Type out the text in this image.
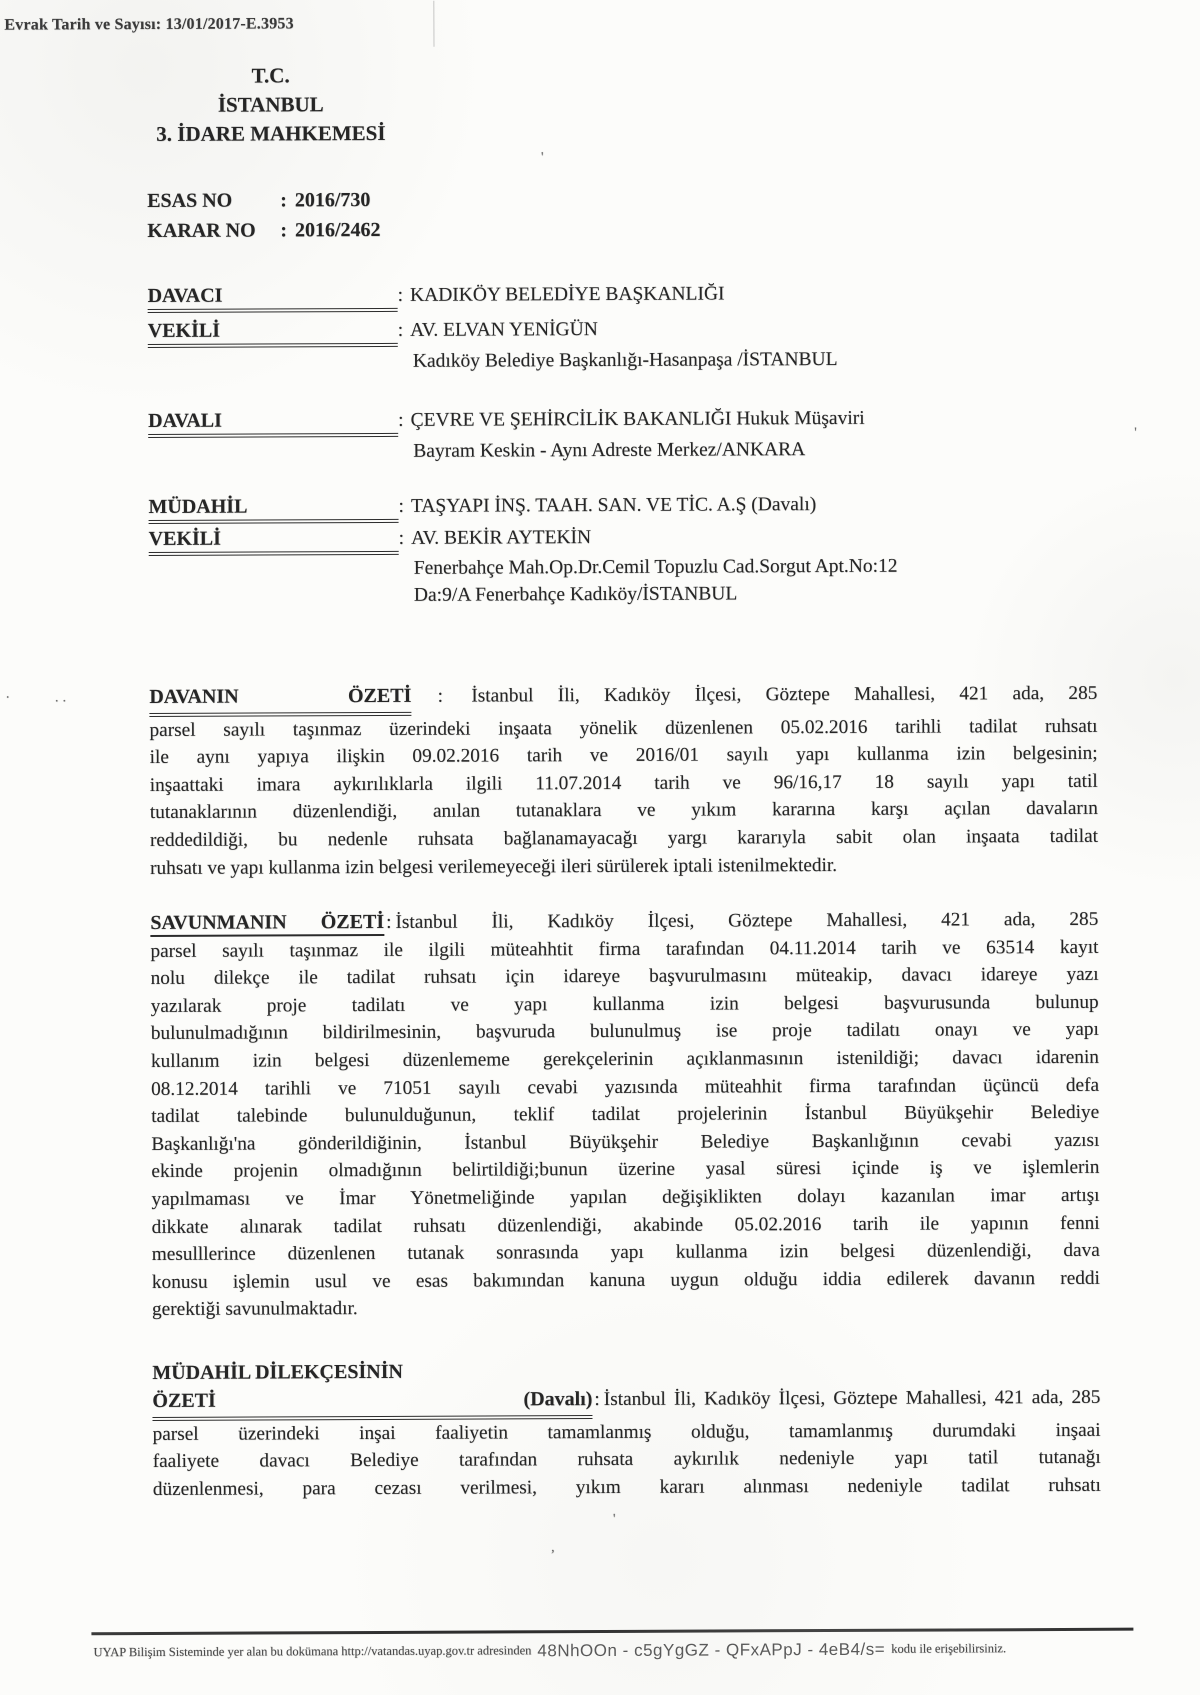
Evrak Tarih ve Sayısı: 13/01/2017-E.3953
T.C.
İSTANBUL
3. İDARE MAHKEMESİ
ESAS NO : 2016/730
KARAR NO : 2016/2462
DAVACI	: KADIKÖY BELEDİYE BAŞKANLIĞI
VEKİLİ	: AV. ELVAN YENİGÜN
Kadıköy Belediye Başkanlığı-Hasanpaşa /İSTANBUL
DAVALI	: ÇEVRE VE ŞEHİRCİLİK BAKANLIĞI Hukuk Müşaviri
Bayram Keskin - Aynı Adreste Merkez/ANKARA
MÜDAHİL	: TAŞYAPI İNŞ. TAAH. SAN. VE TİC. A.Ş (Davalı)
VEKİLİ	: AV. BEKİR AYTEKİN
Fenerbahçe Mah.Op.Dr.Cemil Topuzlu Cad.Sorgut Apt.No:12
Da:9/A Fenerbahçe Kadıköy/İSTANBUL
DAVANIN ÖZETİ : İstanbul İli, Kadıköy İlçesi, Göztepe Mahallesi, 421 ada, 285
parsel sayılı taşınmaz üzerindeki inşaata yönelik düzenlenen 05.02.2016 tarihli tadilat ruhsatı
ile aynı yapıya ilişkin 09.02.2016 tarih ve 2016/01 sayılı yapı kullanma izin belgesinin;
inşaattaki imara aykırılıklarla ilgili 11.07.2014 tarih ve 96/16,17 18 sayılı yapı tatil
tutanaklarının düzenlendiği, anılan tutanaklara ve yıkım kararına karşı açılan davaların
reddedildiği, bu nedenle ruhsata bağlanamayacağı yargı kararıyla sabit olan inşaata tadilat
ruhsatı ve yapı kullanma izin belgesi verilemeyeceği ileri sürülerek iptali istenilmektedir.
SAVUNMANIN ÖZETİ: İstanbul İli, Kadıköy İlçesi, Göztepe Mahallesi, 421 ada, 285
parsel sayılı taşınmaz ile ilgili müteahhtit firma tarafından 04.11.2014 tarih ve 63514 kayıt
nolu dilekçe ile tadilat ruhsatı için idareye başvurulmasını müteakip, davacı idareye yazı
yazılarak proje tadilatı ve yapı kullanma izin belgesi başvurusunda bulunup
bulunulmadığının bildirilmesinin, başvuruda bulunulmuş ise proje tadilatı onayı ve yapı
kullanım izin belgesi düzenlememe gerekçelerinin açıklanmasının istenildiği; davacı idarenin
08.12.2014 tarihli ve 71051 sayılı cevabi yazısında müteahhit firma tarafından üçüncü defa
tadilat talebinde bulunulduğunun, teklif tadilat projelerinin İstanbul Büyükşehir Belediye
Başkanlığı'na gönderildiğinin, İstanbul Büyükşehir Belediye Başkanlığının cevabi yazısı
ekinde projenin olmadığının belirtildiği;bunun üzerine yasal süresi içinde iş ve işlemlerin
yapılmaması ve İmar Yönetmeliğinde yapılan değişiklikten dolayı kazanılan imar artışı
dikkate alınarak tadilat ruhsatı düzenlendiği, akabinde 05.02.2016 tarih ile yapının fenni
mesulllerince düzenlenen tutanak sonrasında yapı kullanma izin belgesi düzenlendiği, dava
konusu işlemin usul ve esas bakımından kanuna uygun olduğu iddia edilerek davanın reddi
gerektiği savunulmaktadır.
MÜDAHİL DİLEKÇESİNİN
ÖZETİ (Davalı): İstanbul İli, Kadıköy İlçesi, Göztepe Mahallesi, 421 ada, 285
parsel üzerindeki inşai faaliyetin tamamlanmış olduğu, tamamlanmış durumdaki inşaai
faaliyete davacı Belediye tarafından ruhsata aykırılık nedeniyle yapı tatil tutanağı
düzenlenmesi, para cezası verilmesi, yıkım kararı alınması nedeniyle tadilat ruhsatı
UYAP Bilişim Sisteminde yer alan bu dokümana http://vatandas.uyap.gov.tr adresinden 48NhOOn - c5gYgGZ - QFxAPpJ - 4eB4/s= kodu ile erişebilirsiniz.
·	··
'
'
'
,
